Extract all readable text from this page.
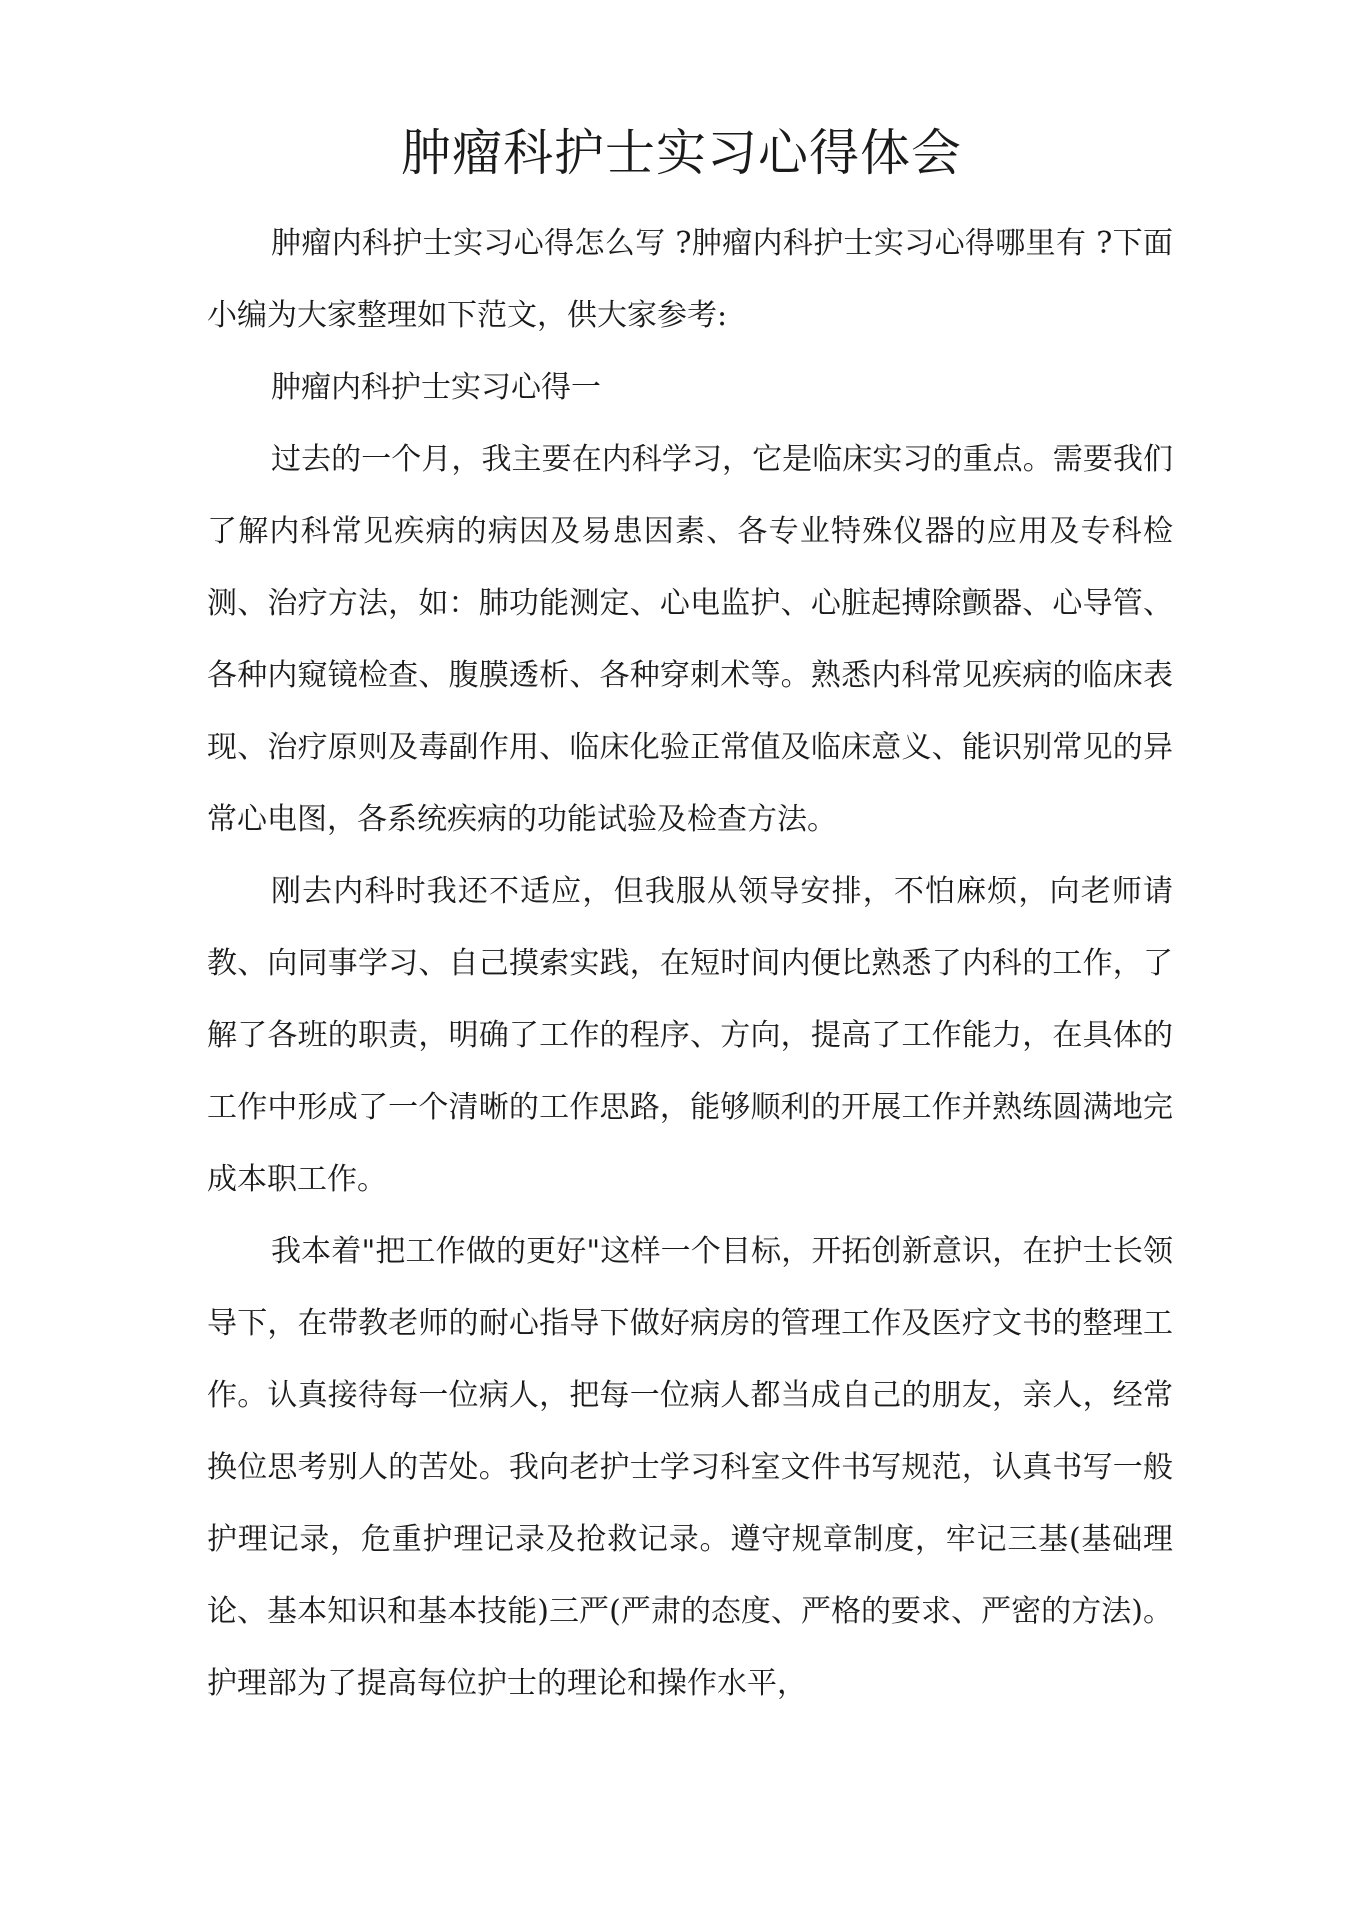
肿瘤科护士实习心得体会

肿瘤内科护士实习心得怎么写 ?肿瘤内科护士实习心得哪里有 ?下面小编为大家整理如下范文，供大家参考:

肿瘤内科护士实习心得一

过去的一个月，我主要在内科学习，它是临床实习的重点。需要我们了解内科常见疾病的病因及易患因素、各专业特殊仪器的应用及专科检测、治疗方法，如：肺功能测定、心电监护、心脏起搏除颤器、心导管、各种内窥镜检查、腹膜透析、各种穿刺术等。熟悉内科常见疾病的临床表现、治疗原则及毒副作用、临床化验正常值及临床意义、能识别常见的异常心电图，各系统疾病的功能试验及检查方法。

刚去内科时我还不适应，但我服从领导安排，不怕麻烦，向老师请教、向同事学习、自己摸索实践，在短时间内便比熟悉了内科的工作，了解了各班的职责，明确了工作的程序、方向，提高了工作能力，在具体的工作中形成了一个清晰的工作思路，能够顺利的开展工作并熟练圆满地完成本职工作。

我本着"把工作做的更好"这样一个目标，开拓创新意识，在护士长领导下，在带教老师的耐心指导下做好病房的管理工作及医疗文书的整理工作。认真接待每一位病人，把每一位病人都当成自己的朋友，亲人，经常换位思考别人的苦处。我向老护士学习科室文件书写规范，认真书写一般护理记录，危重护理记录及抢救记录。遵守规章制度，牢记三基(基础理论、基本知识和基本技能)三严(严肃的态度、严格的要求、严密的方法)。护理部为了提高每位护士的理论和操作水平，
